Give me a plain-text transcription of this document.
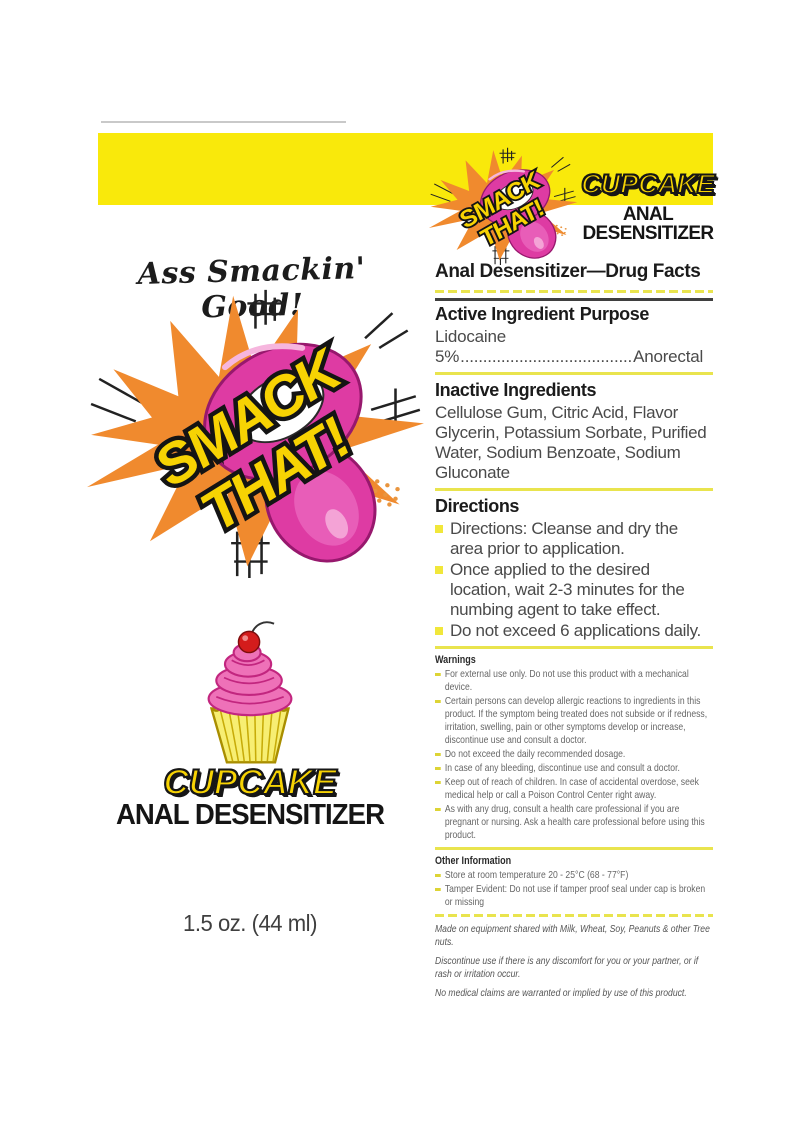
Ass Smackin' Good!
CUPCAKE
ANAL DESENSITIZER
1.5 oz. (44 ml)
CUPCAKE
ANAL
DESENSITIZER
Anal Desensitizer—Drug Facts
Active Ingredient Purpose
Lidocaine
5% ...................................... Anorectal
Inactive Ingredients
Cellulose Gum, Citric Acid, Flavor Glycerin, Potassium Sorbate, Purified Water, Sodium Benzoate, Sodium Gluconate
Directions
Directions: Cleanse and dry the area prior to application.
Once applied to the desired location, wait 2-3 minutes for the numbing agent to take effect.
Do not exceed 6 applications daily.
Warnings
For external use only. Do not use this product with a mechanical device.
Certain persons can develop allergic reactions to ingredients in this product. If the symptom being treated does not subside or if redness, irritation, swelling, pain or other symptoms develop or increase, discontinue use and consult a doctor.
Do not exceed the daily recommended dosage.
In case of any bleeding, discontinue use and consult a doctor.
Keep out of reach of children. In case of accidental overdose, seek medical help or call a Poison Control Center right away.
As with any drug, consult a health care professional if you are pregnant or nursing. Ask a health care professional before using this product.
Other Information
Store at room temperature 20 - 25°C (68 - 77°F)
Tamper Evident: Do not use if tamper proof seal under cap is broken or missing
Made on equipment shared with Milk, Wheat, Soy, Peanuts & other Tree nuts.
Discontinue use if there is any discomfort for you or your partner, or if rash or irritation occur.
No medical claims are warranted or implied by use of this product.
